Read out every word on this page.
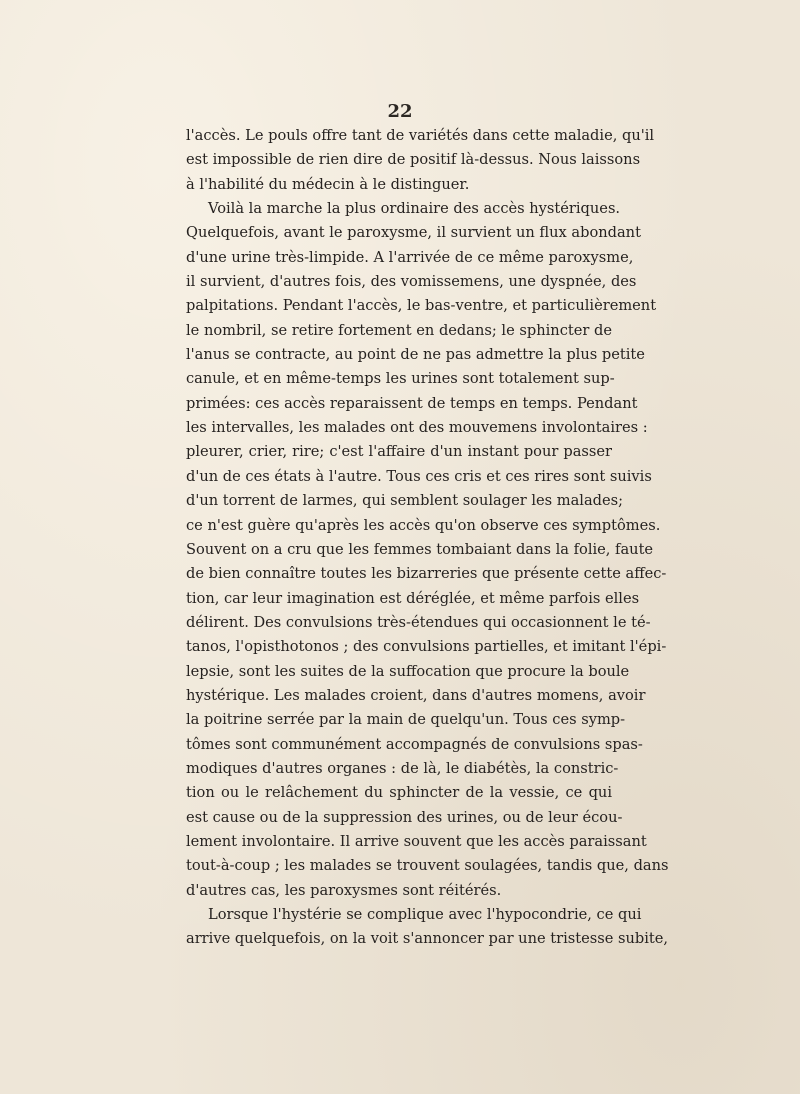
22
l'accès. Le pouls offre tant de variétés dans cette maladie, qu'il
est impossible de rien dire de positif là-dessus. Nous laissons
à l'habilité du médecin à le distinguer.
Voilà la marche la plus ordinaire des accès hystériques.
Quelquefois, avant le paroxysme, il survient un flux abondant
d'une urine très-limpide. A l'arrivée de ce même paroxysme,
il survient, d'autres fois, des vomissemens, une dyspnée, des
palpitations. Pendant l'accès, le bas-ventre, et particulièrement
le nombril, se retire fortement en dedans; le sphincter de
l'anus se contracte, au point de ne pas admettre la plus petite
canule, et en même-temps les urines sont totalement sup-
primées: ces accès reparaissent de temps en temps. Pendant
les intervalles, les malades ont des mouvemens involontaires :
pleurer, crier, rire; c'est l'affaire d'un instant pour passer
d'un de ces états à l'autre. Tous ces cris et ces rires sont suivis
d'un torrent de larmes, qui semblent soulager les malades;
ce n'est guère qu'après les accès qu'on observe ces symptômes.
Souvent on a cru que les femmes tombaiant dans la folie, faute
de bien connaître toutes les bizarreries que présente cette affec-
tion, car leur imagination est déréglée, et même parfois elles
délirent. Des convulsions très-étendues qui occasionnent le té-
tanos, l'opisthotonos ; des convulsions partielles, et imitant l'épi-
lepsie, sont les suites de la suffocation que procure la boule
hystérique. Les malades croient, dans d'autres momens, avoir
la poitrine serrée par la main de quelqu'un. Tous ces symp-
tômes sont communément accompagnés de convulsions spas-
modiques d'autres organes : de là, le diabétès, la constric-
tion ou le relâchement du sphincter de la vessie, ce qui
est cause ou de la suppression des urines, ou de leur écou-
lement involontaire. Il arrive souvent que les accès paraissant
tout-à-coup ; les malades se trouvent soulagées, tandis que, dans
d'autres cas, les paroxysmes sont réitérés.
Lorsque l'hystérie se complique avec l'hypocondrie, ce qui
arrive quelquefois, on la voit s'annoncer par une tristesse subite,
